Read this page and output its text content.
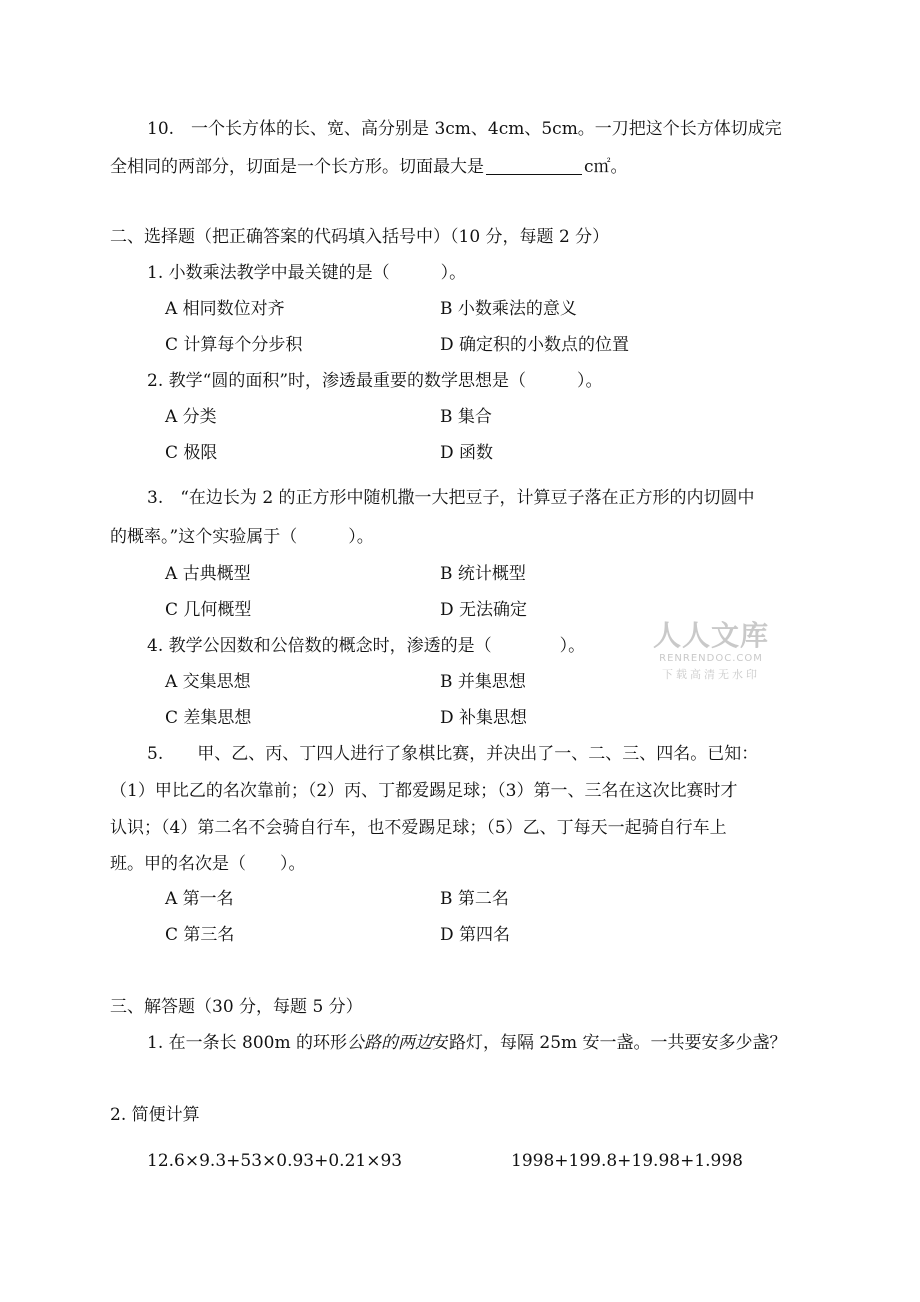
10.　一个长方体的长、宽、高分别是 3cm、4cm、5cm。一刀把这个长方体切成完
全相同的两部分，切面是一个长方形。切面最大是	c㎡。
二、选择题（把正确答案的代码填入括号中）（10 分，每题 2 分）
1. 小数乘法教学中最关键的是（　　　）。
A 相同数位对齐	B 小数乘法的意义
C 计算每个分步积	D 确定积的小数点的位置
2. 教学“圆的面积”时，渗透最重要的数学思想是（　　　）。
A 分类	B 集合
C 极限	D 函数
3.　“在边长为 2 的正方形中随机撒一大把豆子，计算豆子落在正方形的内切圆中
的概率。”这个实验属于（　　　）。
A 古典概型	B 统计概型
C 几何概型	D 无法确定
4. 教学公因数和公倍数的概念时，渗透的是（　　　　）。
A 交集思想	B 并集思想
C 差集思想	D 补集思想
5.　　甲、乙、丙、丁四人进行了象棋比赛，并决出了一、二、三、四名。已知：
（1）甲比乙的名次靠前；（2）丙、丁都爱踢足球；（3）第一、三名在这次比赛时才
认识；（4）第二名不会骑自行车，也不爱踢足球；（5）乙、丁每天一起骑自行车上
班。甲的名次是（　　）。
A 第一名	B 第二名
C 第三名	D 第四名
三、解答题（30 分，每题 5 分）
1. 在一条长 800m 的环形公路的两边安路灯，每隔 25m 安一盏。一共要安多少盏？
2. 简便计算
12.6×9.3+53×0.93+0.21×93	1998+199.8+19.98+1.998
人人文库
RENRENDOC.COM
下载高清无水印
